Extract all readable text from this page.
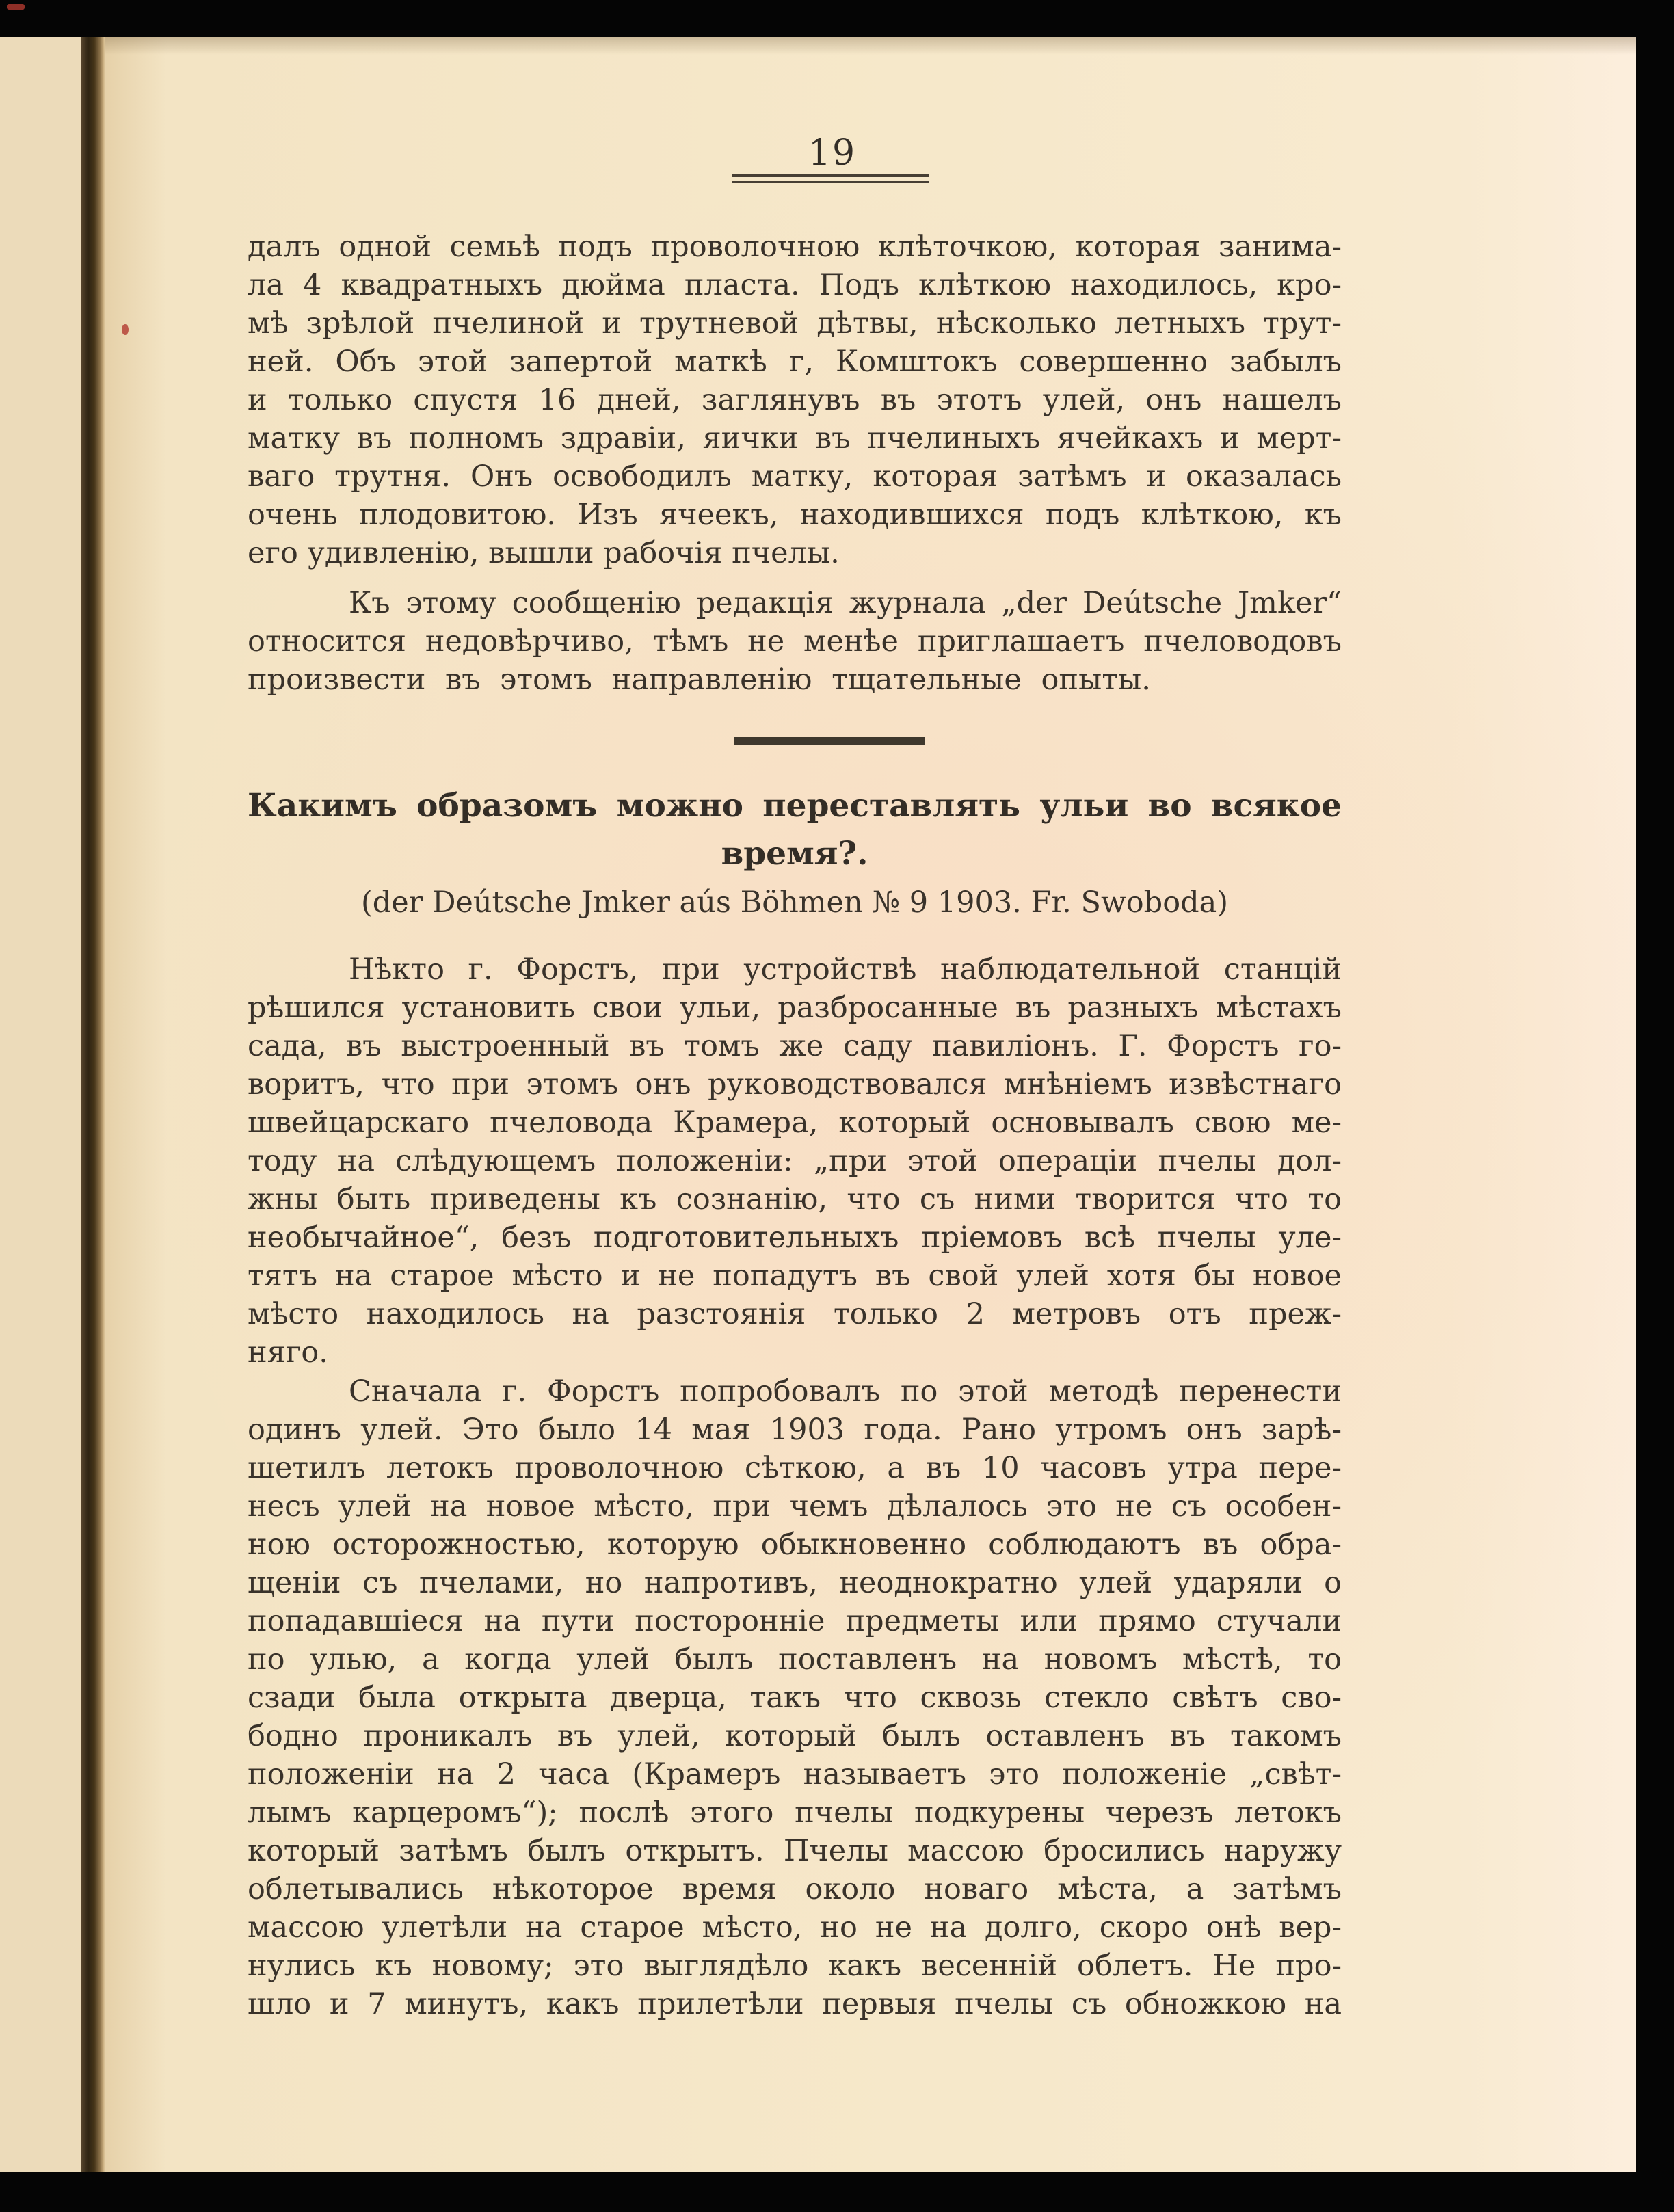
19
далъ одной семьѣ подъ проволочною клѣточкою, которая занима-
ла 4 квадратныхъ дюйма пласта. Подъ клѣткою находилось, кро-
мѣ зрѣлой пчелиной и трутневой дѣтвы, нѣсколько летныхъ трут-
ней. Объ этой запертой маткѣ г, Комштокъ совершенно забылъ
и только спустя 16 дней, заглянувъ въ этотъ улей, онъ нашелъ
матку въ полномъ здравіи, яички въ пчелиныхъ ячейкахъ и мерт-
ваго трутня. Онъ освободилъ матку, которая затѣмъ и оказалась
очень плодовитою. Изъ ячеекъ, находившихся подъ клѣткою, къ
его удивленію, вышли рабочія пчелы.
Къ этому сообщенію редакція журнала „der Deútsche Jmker“
относится недовѣрчиво, тѣмъ не менѣе приглашаетъ пчеловодовъ
произвести въ этомъ направленію тщательные опыты.
Какимъ образомъ можно переставлять ульи во всякое
время?.
(der Deútsche Jmker aús Böhmen № 9 1903. Fr. Swoboda)
Нѣкто г. Форстъ, при устройствѣ наблюдательной станцій
рѣшился установить свои ульи, разбросанные въ разныхъ мѣстахъ
сада, въ выстроенный въ томъ же саду павиліонъ. Г. Форстъ го-
воритъ, что при этомъ онъ руководствовался мнѣніемъ извѣстнаго
швейцарскаго пчеловода Крамера, который основывалъ свою ме-
тоду на слѣдующемъ положеніи: „при этой операціи пчелы дол-
жны быть приведены къ сознанію, что съ ними творится что то
необычайное“, безъ подготовительныхъ пріемовъ всѣ пчелы уле-
тятъ на старое мѣсто и не попадутъ въ свой улей хотя бы новое
мѣсто находилось на разстоянія только 2 метровъ отъ преж-
няго.
Сначала г. Форстъ попробовалъ по этой методѣ перенести
одинъ улей. Это было 14 мая 1903 года. Рано утромъ онъ зарѣ-
шетилъ летокъ проволочною сѣткою, а въ 10 часовъ утра пере-
несъ улей на новое мѣсто, при чемъ дѣлалось это не съ особен-
ною осторожностью, которую обыкновенно соблюдаютъ въ обра-
щеніи съ пчелами, но напротивъ, неоднократно улей ударяли о
попадавшіеся на пути посторонніе предметы или прямо стучали
по улью, а когда улей былъ поставленъ на новомъ мѣстѣ, то
сзади была открыта дверца, такъ что сквозь стекло свѣтъ сво-
бодно проникалъ въ улей, который былъ оставленъ въ такомъ
положеніи на 2 часа (Крамеръ называетъ это положеніе „свѣт-
лымъ карцеромъ“); послѣ этого пчелы подкурены черезъ летокъ
который затѣмъ былъ открытъ. Пчелы массою бросились наружу
облетывались нѣкоторое время около новаго мѣста, а затѣмъ
массою улетѣли на старое мѣсто, но не на долго, скоро онѣ вер-
нулись къ новому; это выглядѣло какъ весенній облетъ. Не про-
шло и 7 минутъ, какъ прилетѣли первыя пчелы съ обножкою на
